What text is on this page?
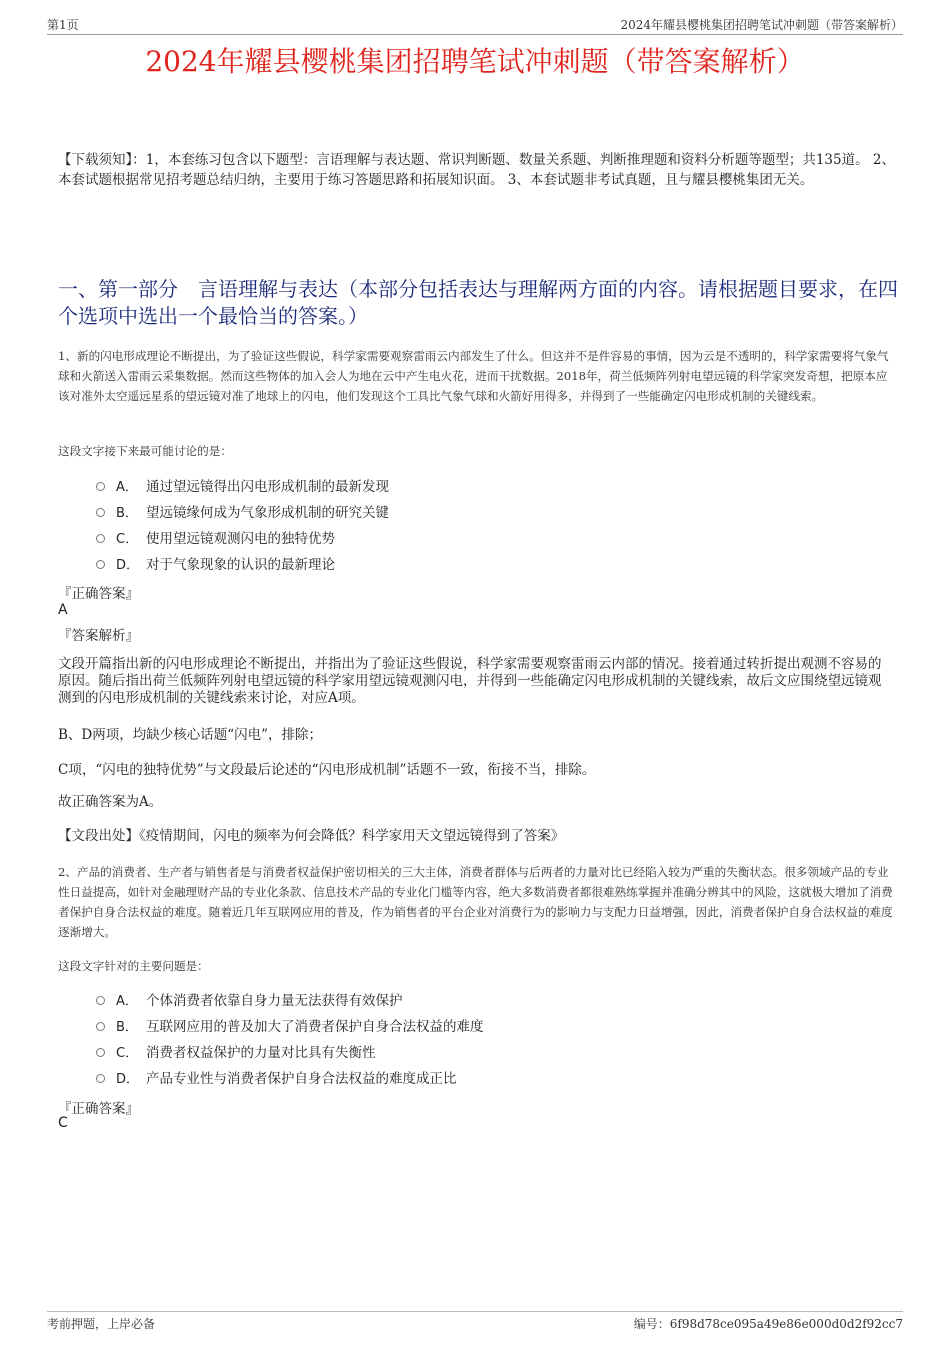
第1页	2024年耀县樱桃集团招聘笔试冲刺题（带答案解析）
2024年耀县樱桃集团招聘笔试冲刺题（带答案解析）
【下载须知】：1，本套练习包含以下题型：言语理解与表达题、常识判断题、数量关系题、判断推理题和资料分析题等题型；共135道。 2、本套试题根据常见招考题总结归纳，主要用于练习答题思路和拓展知识面。 3、本套试题非考试真题，且与耀县樱桃集团无关。
一、第一部分　言语理解与表达（本部分包括表达与理解两方面的内容。请根据题目要求，在四个选项中选出一个最恰当的答案。）
1、新的闪电形成理论不断提出，为了验证这些假说，科学家需要观察雷雨云内部发生了什么。但这并不是件容易的事情，因为云是不透明的，科学家需要将气象气球和火箭送入雷雨云采集数据。然而这些物体的加入会人为地在云中产生电火花，进而干扰数据。2018年，荷兰低频阵列射电望远镜的科学家突发奇想，把原本应该对准外太空遥远星系的望远镜对准了地球上的闪电，他们发现这个工具比气象气球和火箭好用得多，并得到了一些能确定闪电形成机制的关键线索。
这段文字接下来最可能讨论的是：
A． 通过望远镜得出闪电形成机制的最新发现
B． 望远镜缘何成为气象形成机制的研究关键
C． 使用望远镜观测闪电的独特优势
D． 对于气象现象的认识的最新理论
『正确答案』
A
『答案解析』
文段开篇指出新的闪电形成理论不断提出，并指出为了验证这些假说，科学家需要观察雷雨云内部的情况。接着通过转折提出观测不容易的原因。随后指出荷兰低频阵列射电望远镜的科学家用望远镜观测闪电，并得到一些能确定闪电形成机制的关键线索，故后文应围绕望远镜观测到的闪电形成机制的关键线索来讨论，对应A项。
B、D两项，均缺少核心话题“闪电”，排除；
C项，“闪电的独特优势”与文段最后论述的“闪电形成机制”话题不一致，衔接不当，排除。
故正确答案为A。
【文段出处】《疫情期间，闪电的频率为何会降低？科学家用天文望远镜得到了答案》
2、产品的消费者、生产者与销售者是与消费者权益保护密切相关的三大主体，消费者群体与后两者的力量对比已经陷入较为严重的失衡状态。很多领域产品的专业性日益提高，如针对金融理财产品的专业化条款、信息技术产品的专业化门槛等内容，绝大多数消费者都很难熟练掌握并准确分辨其中的风险，这就极大增加了消费者保护自身合法权益的难度。随着近几年互联网应用的普及，作为销售者的平台企业对消费行为的影响力与支配力日益增强，因此，消费者保护自身合法权益的难度逐渐增大。
这段文字针对的主要问题是：
A． 个体消费者依靠自身力量无法获得有效保护
B． 互联网应用的普及加大了消费者保护自身合法权益的难度
C． 消费者权益保护的力量对比具有失衡性
D． 产品专业性与消费者保护自身合法权益的难度成正比
『正确答案』
C
考前押题，上岸必备	编号：6f98d78ce095a49e86e000d0d2f92cc7
